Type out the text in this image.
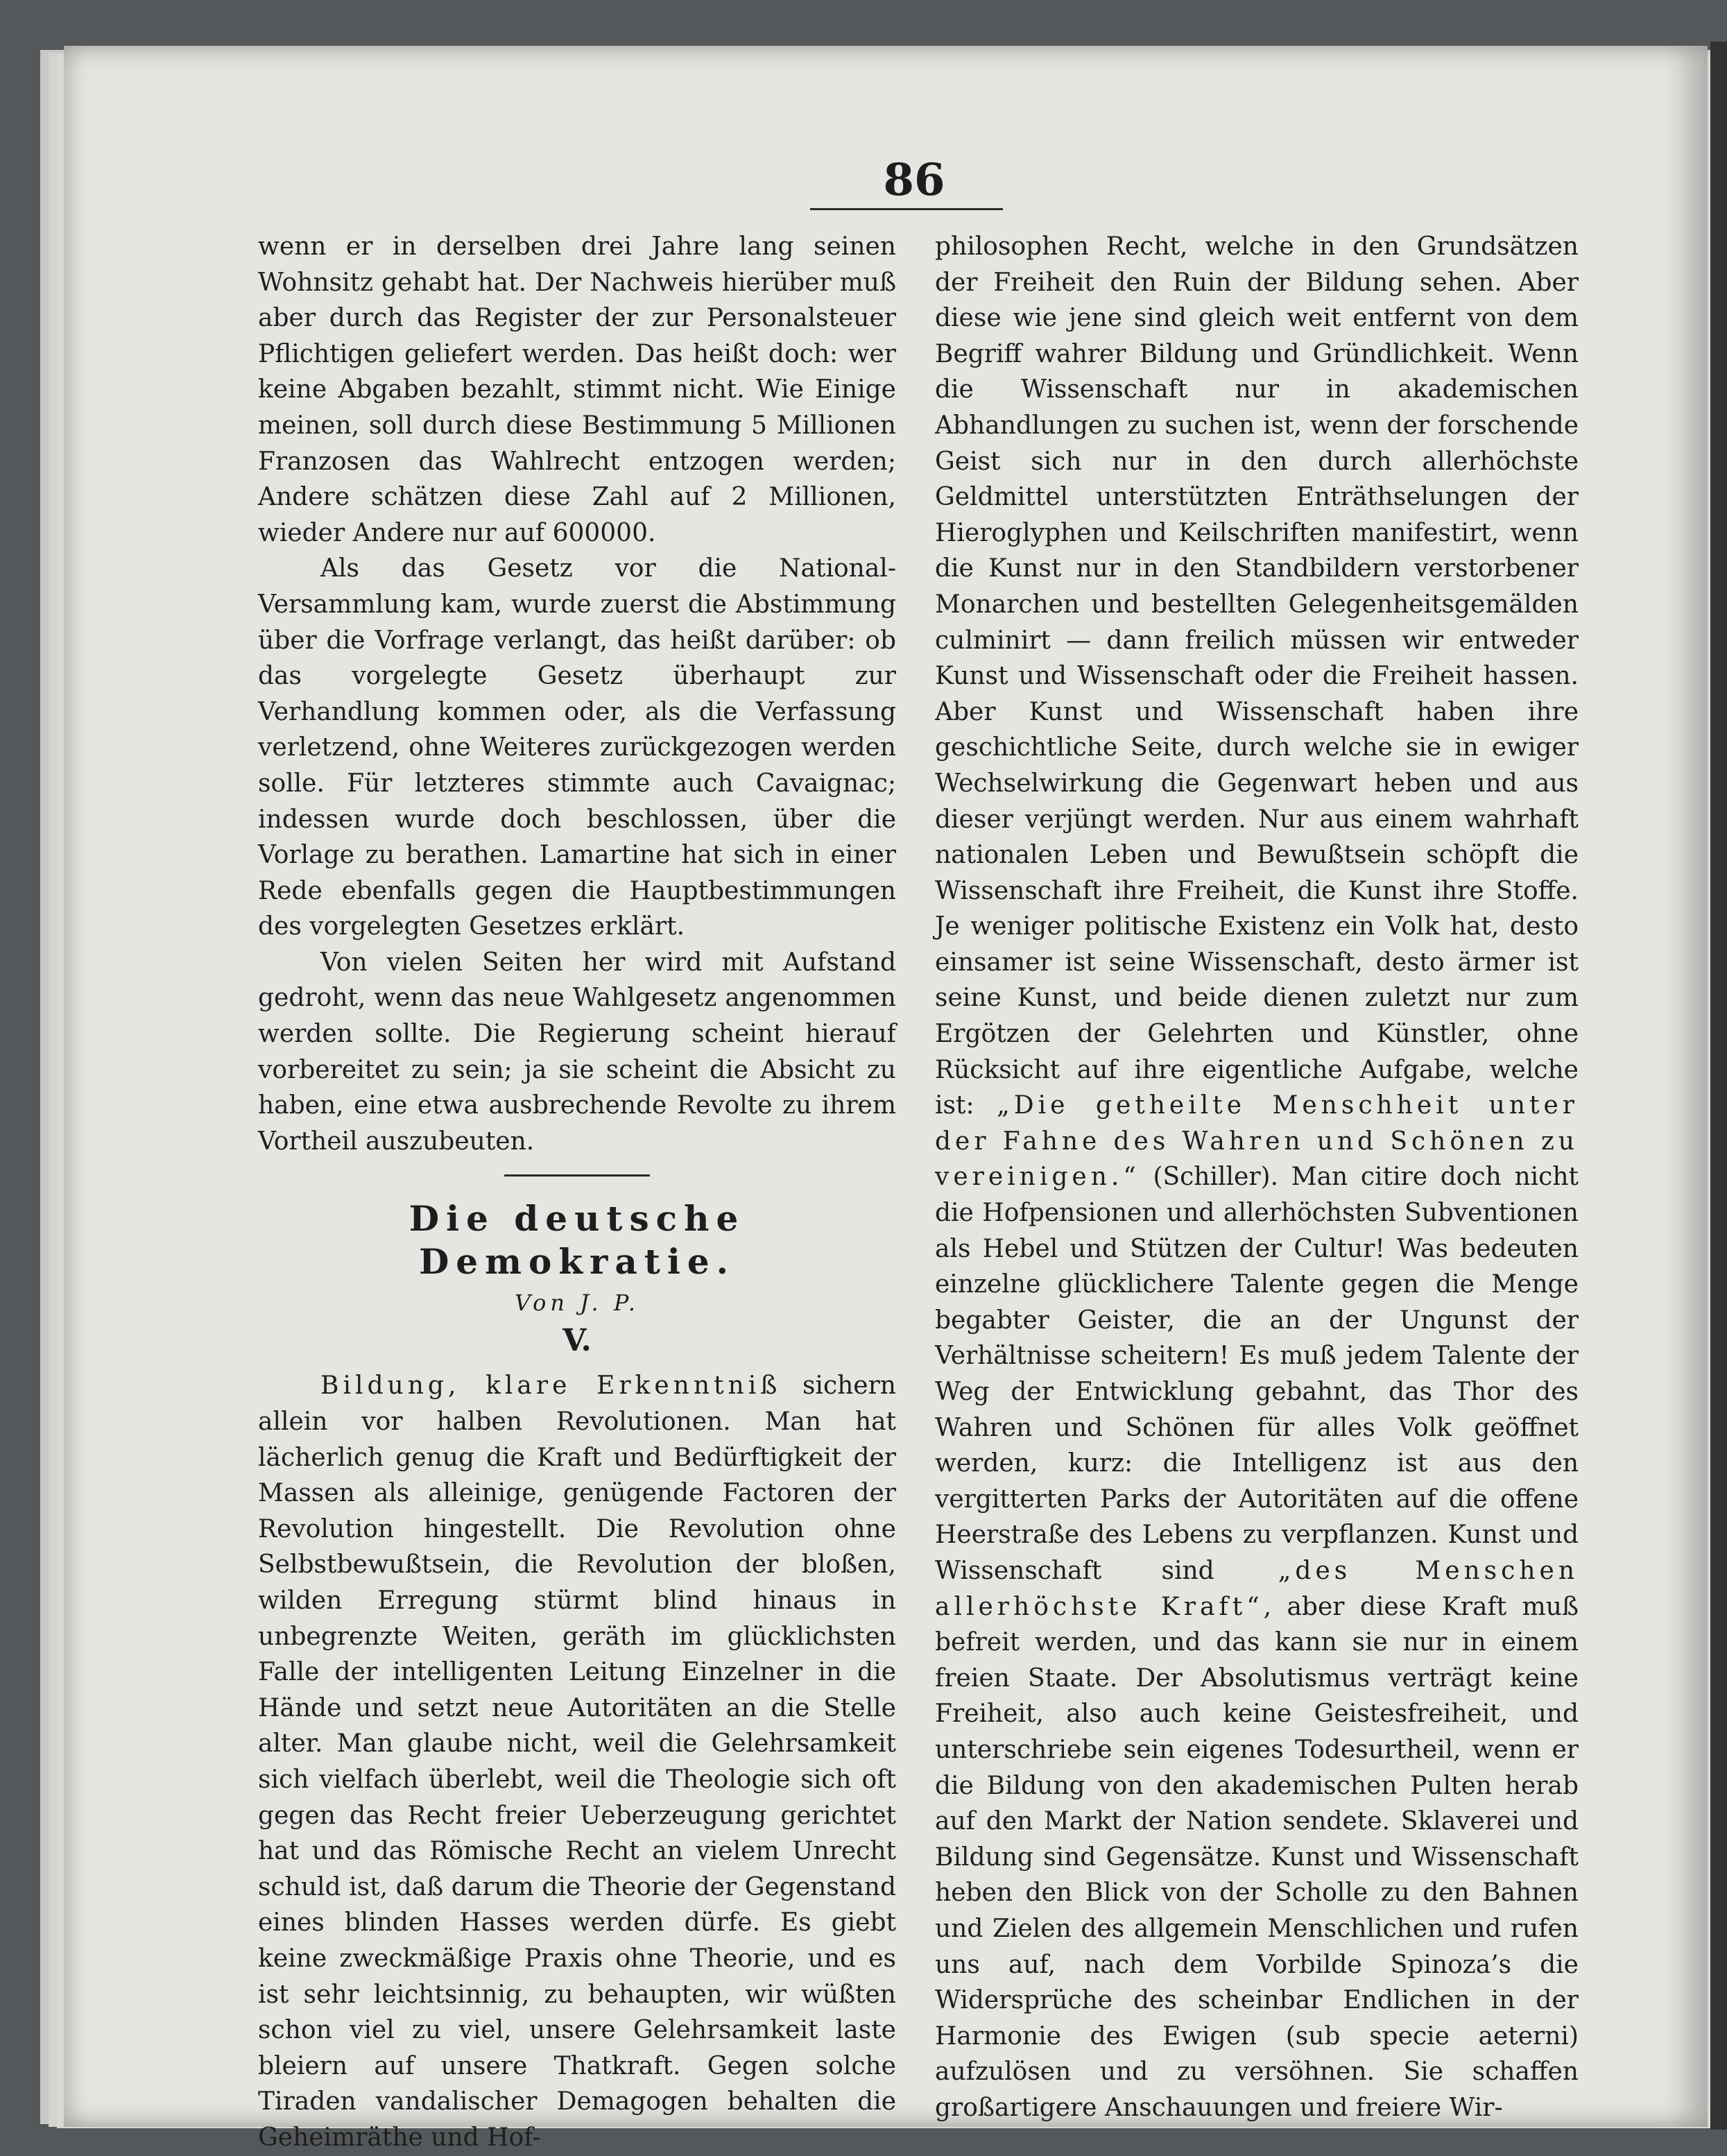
86

wenn er in derselben drei Jahre lang seinen Wohnsitz gehabt hat. Der Nachweis hierüber muß aber durch das Register der zur Personalsteuer Pflichtigen geliefert werden. Das heißt doch: wer keine Abgaben bezahlt, stimmt nicht. Wie Einige meinen, soll durch diese Bestimmung 5 Millionen Franzosen das Wahlrecht entzogen werden; Andere schätzen diese Zahl auf 2 Millionen, wieder Andere nur auf 600000.

Als das Gesetz vor die National-Versammlung kam, wurde zuerst die Abstimmung über die Vorfrage verlangt, das heißt darüber: ob das vorgelegte Gesetz überhaupt zur Verhandlung kommen oder, als die Verfassung verletzend, ohne Weiteres zurückgezogen werden solle. Für letzteres stimmte auch Cavaignac; indessen wurde doch beschlossen, über die Vorlage zu berathen. Lamartine hat sich in einer Rede ebenfalls gegen die Hauptbestimmungen des vorgelegten Gesetzes erklärt.

Von vielen Seiten her wird mit Aufstand gedroht, wenn das neue Wahlgesetz angenommen werden sollte. Die Regierung scheint hierauf vorbereitet zu sein; ja sie scheint die Absicht zu haben, eine etwa ausbrechende Revolte zu ihrem Vortheil auszubeuten.

Die deutsche Demokratie.
Von J. P.
V.

Bildung, klare Erkenntniß sichern allein vor halben Revolutionen. Man hat lächerlich genug die Kraft und Bedürftigkeit der Massen als alleinige, genügende Factoren der Revolution hingestellt. Die Revolution ohne Selbstbewußtsein, die Revolution der bloßen, wilden Erregung stürmt blind hinaus in unbegrenzte Weiten, geräth im glücklichsten Falle der intelligenten Leitung Einzelner in die Hände und setzt neue Autoritäten an die Stelle alter. Man glaube nicht, weil die Gelehrsamkeit sich vielfach überlebt, weil die Theologie sich oft gegen das Recht freier Ueberzeugung gerichtet hat und das Römische Recht an vielem Unrecht schuld ist, daß darum die Theorie der Gegenstand eines blinden Hasses werden dürfe. Es giebt keine zweckmäßige Praxis ohne Theorie, und es ist sehr leichtsinnig, zu behaupten, wir wüßten schon viel zu viel, unsere Gelehrsamkeit laste bleiern auf unsere Thatkraft. Gegen solche Tiraden vandalischer Demagogen behalten die Geheimräthe und Hof-

philosophen Recht, welche in den Grundsätzen der Freiheit den Ruin der Bildung sehen. Aber diese wie jene sind gleich weit entfernt von dem Begriff wahrer Bildung und Gründlichkeit. Wenn die Wissenschaft nur in akademischen Abhandlungen zu suchen ist, wenn der forschende Geist sich nur in den durch allerhöchste Geldmittel unterstützten Enträthselungen der Hieroglyphen und Keilschriften manifestirt, wenn die Kunst nur in den Standbildern verstorbener Monarchen und bestellten Gelegenheitsgemälden culminirt — dann freilich müssen wir entweder Kunst und Wissenschaft oder die Freiheit hassen. Aber Kunst und Wissenschaft haben ihre geschichtliche Seite, durch welche sie in ewiger Wechselwirkung die Gegenwart heben und aus dieser verjüngt werden. Nur aus einem wahrhaft nationalen Leben und Bewußtsein schöpft die Wissenschaft ihre Freiheit, die Kunst ihre Stoffe. Je weniger politische Existenz ein Volk hat, desto einsamer ist seine Wissenschaft, desto ärmer ist seine Kunst, und beide dienen zuletzt nur zum Ergötzen der Gelehrten und Künstler, ohne Rücksicht auf ihre eigentliche Aufgabe, welche ist: „Die getheilte Menschheit unter der Fahne des Wahren und Schönen zu vereinigen.“ (Schiller). Man citire doch nicht die Hofpensionen und allerhöchsten Subventionen als Hebel und Stützen der Cultur! Was bedeuten einzelne glücklichere Talente gegen die Menge begabter Geister, die an der Ungunst der Verhältnisse scheitern! Es muß jedem Talente der Weg der Entwicklung gebahnt, das Thor des Wahren und Schönen für alles Volk geöffnet werden, kurz: die Intelligenz ist aus den vergitterten Parks der Autoritäten auf die offene Heerstraße des Lebens zu verpflanzen. Kunst und Wissenschaft sind „des Menschen allerhöchste Kraft“, aber diese Kraft muß befreit werden, und das kann sie nur in einem freien Staate. Der Absolutismus verträgt keine Freiheit, also auch keine Geistesfreiheit, und unterschriebe sein eigenes Todesurtheil, wenn er die Bildung von den akademischen Pulten herab auf den Markt der Nation sendete. Sklaverei und Bildung sind Gegensätze. Kunst und Wissenschaft heben den Blick von der Scholle zu den Bahnen und Zielen des allgemein Menschlichen und rufen uns auf, nach dem Vorbilde Spinoza’s die Widersprüche des scheinbar Endlichen in der Harmonie des Ewigen (sub specie aeterni) aufzulösen und zu versöhnen. Sie schaffen großartigere Anschauungen und freiere Wir-
